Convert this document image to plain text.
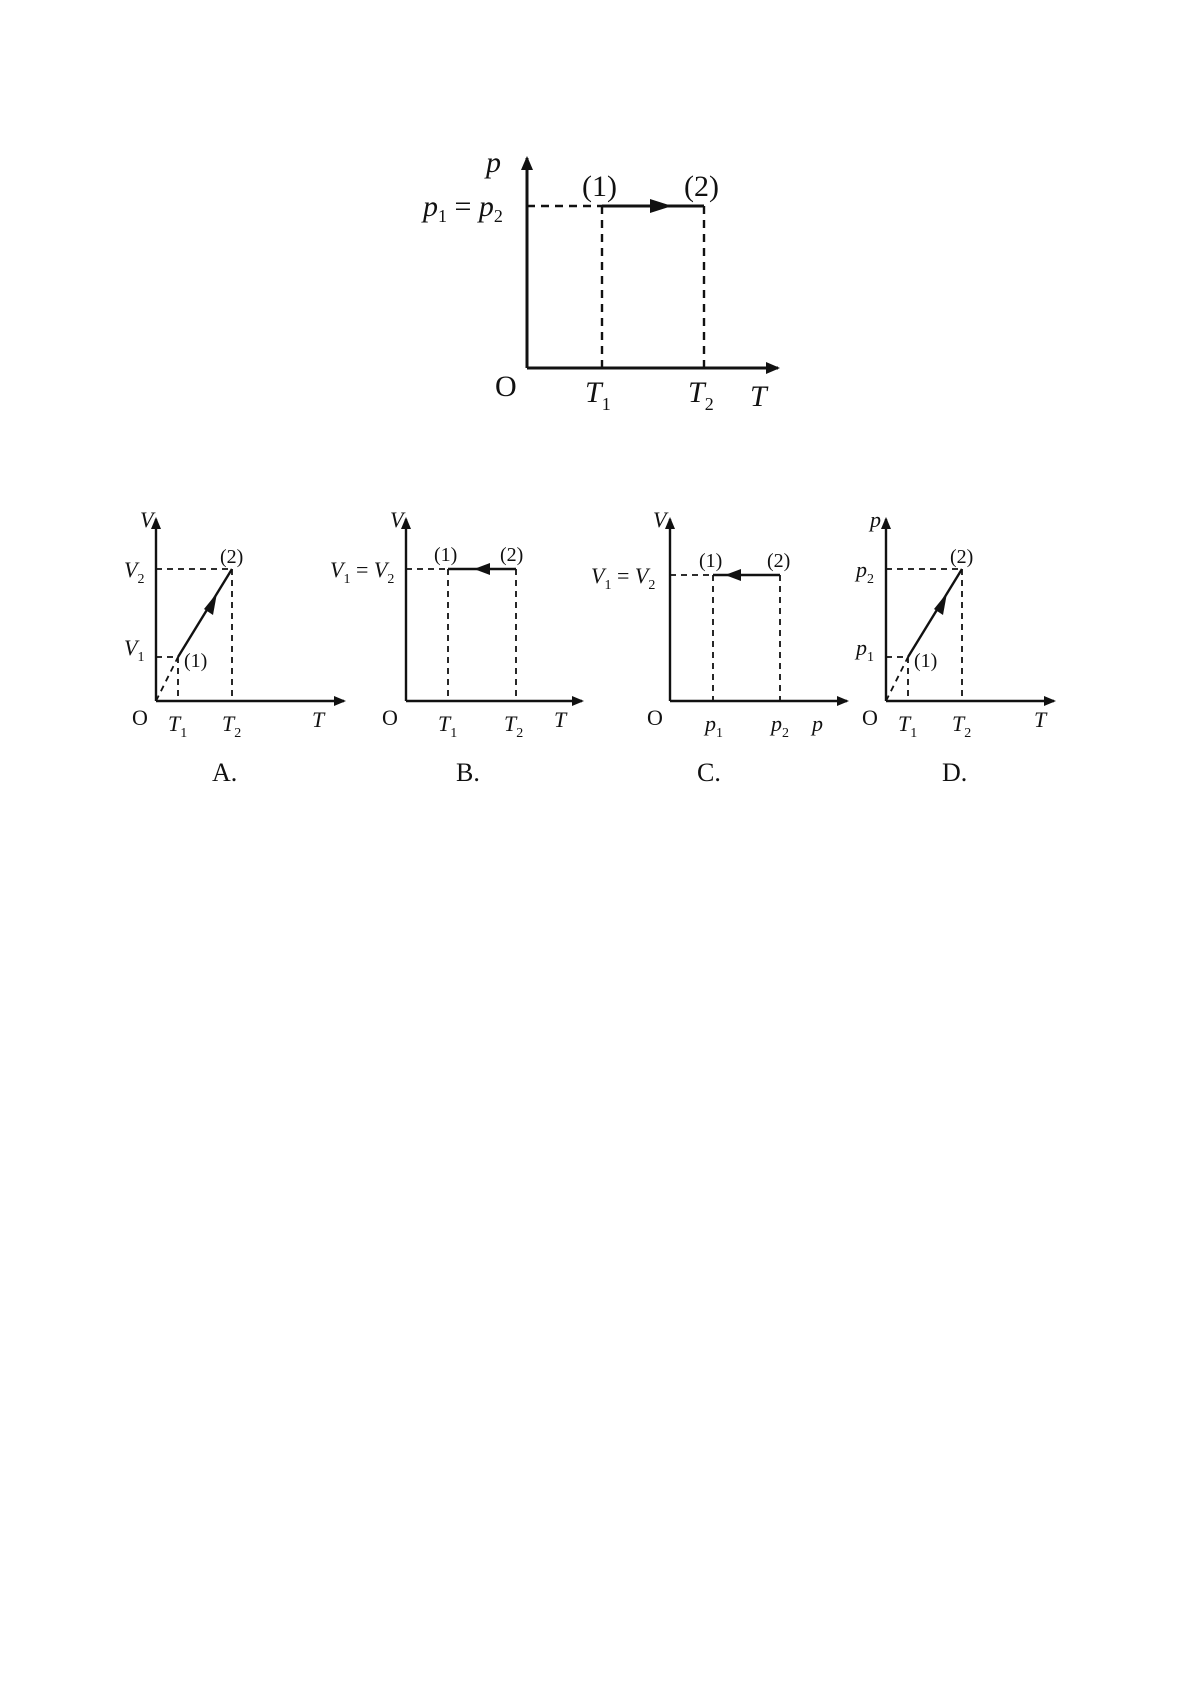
p
T
O
$p_1 = p_2$
$T_1$	$T_2$
(1) (2)
V
T
O
$V_2$
$V_1$
$T_1$ $T_2$
(1)
(2)
A.
V
T
O
$V_1 = V_2$
$T_1$ $T_2$
(1) (2)
B.
V
p
O
$V_1 = V_2$
$p_1$ $p_2$
(1) (2)
C.
p
T
O
$p_2$
$p_1$
$T_1$ $T_2$
(1)
(2)
D.
